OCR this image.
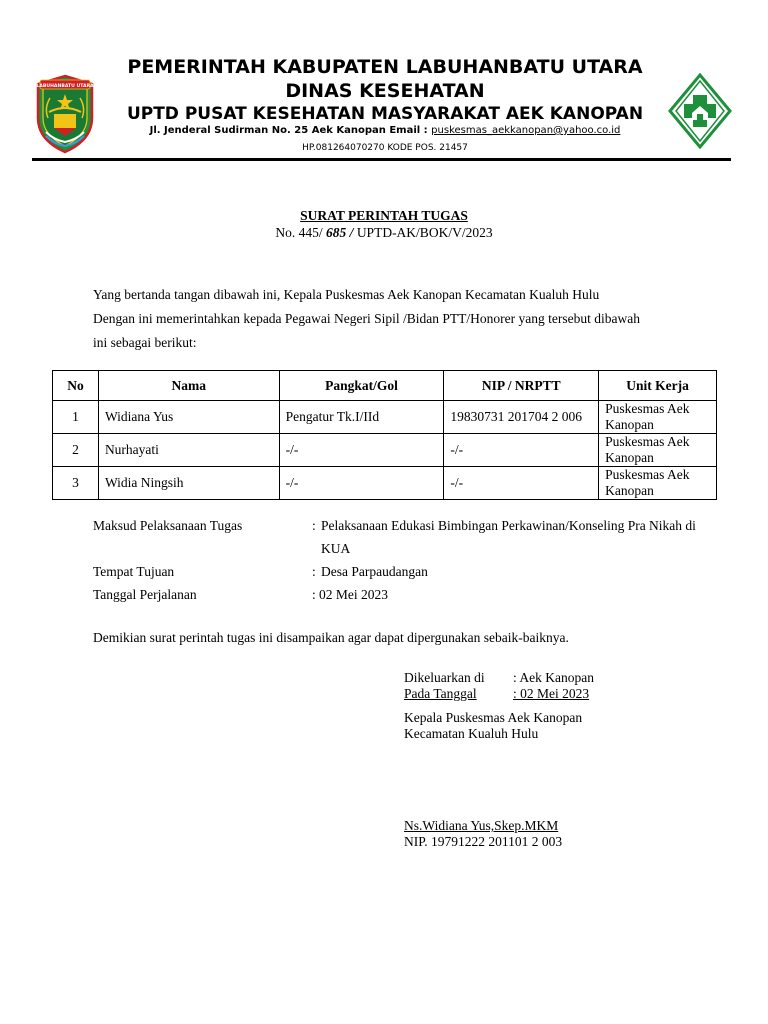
LABUHANBATU UTARA
PEMERINTAH KABUPATEN LABUHANBATU UTARA
DINAS KESEHATAN
UPTD PUSAT KESEHATAN MASYARAKAT AEK KANOPAN
Jl. Jenderal Sudirman No. 25 Aek Kanopan Email : puskesmas_aekkanopan@yahoo.co.id
HP.081264070270 KODE POS. 21457
SURAT PERINTAH TUGAS
No. 445/ 685 / UPTD-AK/BOK/V/2023
Yang bertanda tangan dibawah ini, Kepala Puskesmas Aek Kanopan Kecamatan Kualuh Hulu
Dengan ini memerintahkan kepada Pegawai Negeri Sipil /Bidan PTT/Honorer yang tersebut dibawah
ini sebagai berikut:
No	Nama	Pangkat/Gol	NIP / NRPTT	Unit Kerja
1	Widiana Yus	Pengatur Tk.I/IId	19830731 201704 2 006	Puskesmas Aek Kanopan
2	Nurhayati	-/-	-/-	Puskesmas Aek Kanopan
3	Widia Ningsih	-/-	-/-	Puskesmas Aek Kanopan
Maksud Pelaksanaan Tugas	: Pelaksanaan Edukasi Bimbingan Perkawinan/Konseling Pra Nikah di KUA
Tempat Tujuan	: Desa Parpaudangan
Tanggal Perjalanan	: 02 Mei 2023
Demikian surat perintah tugas ini disampaikan agar dapat dipergunakan sebaik-baiknya.
Dikeluarkan di : Aek Kanopan
Pada Tanggal	: 02 Mei 2023
Kepala Puskesmas Aek Kanopan
Kecamatan Kualuh Hulu
Ns.Widiana Yus,Skep.MKM
NIP. 19791222 201101 2 003
